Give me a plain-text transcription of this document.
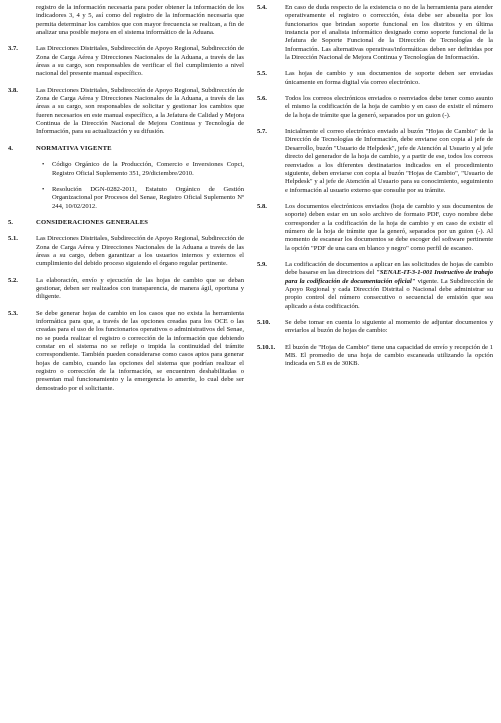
registro de la información necesaria para poder obtener la información de los indicadores 3, 4 y 5, así como del registro de la información necesaria que permita determinar los cambios que con mayor frecuencia se realizan, a fin de analizar una posible mejora en el sistema informático de la Aduana.
3.7.	Las Direcciones Distritales, Subdirección de Apoyo Regional, Subdirección de Zona de Carga Aérea y Direcciones Nacionales de la Aduana, a través de las áreas a su cargo, son responsables de verificar el fiel cumplimiento a nivel nacional del presente manual específico.
3.8.	Las Direcciones Distritales, Subdirección de Apoyo Regional, Subdirección de Zona de Carga Aérea y Direcciones Nacionales de la Aduana, a través de las áreas a su cargo, son responsables de solicitar y gestionar los cambios que fueren necesarios en este manual específico, a la Jefatura de Calidad y Mejora Continua de la Dirección Nacional de Mejora Continua y Tecnología de Información, para su actualización y su difusión.
4.	NORMATIVA VIGENTE
• Código Orgánico de la Producción, Comercio e Inversiones Copci, Registro Oficial Suplemento 351, 29/diciembre/2010.
• Resolución DGN-0282-2011, Estatuto Orgánico de Gestión Organizacional por Procesos del Senae, Registro Oficial Suplemento Nº 244, 10/02/2012.
5.	CONSIDERACIONES GENERALES
5.1.	Las Direcciones Distritales, Subdirección de Apoyo Regional, Subdirección de Zona de Carga Aérea y Direcciones Nacionales de la Aduana a través de las áreas a su cargo, deben garantizar a los usuarios internos y externos el cumplimiento del debido proceso siguiendo el órgano regular pertinente.
5.2.	La elaboración, envío y ejecución de las hojas de cambio que se deban gestionar, deben ser realizados con transparencia, de manera ágil, oportuna y diligente.
5.3.	Se debe generar hojas de cambio en los casos que no exista la herramienta informática para que, a través de las opciones creadas para los OCE o las creadas para el uso de los funcionarios operativos o administrativos del Senae, no se pueda realizar el registro o corrección de la información que debiendo constar en el sistema no se refleje o impida la continuidad del trámite correspondiente. También pueden considerarse como casos aptos para generar hojas de cambio, cuando las opciones del sistema que podrían realizar el registro o corrección de la información, se encuentren deshabilitadas o presentan mal funcionamiento y la emergencia lo amerite, lo cual debe ser demostrado por el solicitante.
5.4.	En caso de duda respecto de la existencia o no de la herramienta para atender operativamente el registro o corrección, ésta debe ser absuelta por los funcionarios que brindan soporte funcional en los distritos y en última instancia por el analista informático designado como soporte funcional de la Jefatura de Soporte Funcional de la Dirección de Tecnologías de la Información. Las alternativas operativas/informáticas deben ser definidas por la Dirección Nacional de Mejora Continua y Tecnologías de Información.
5.5.	Las hojas de cambio y sus documentos de soporte deben ser enviadas únicamente en forma digital vía correo electrónico.
5.6.	Todos los correos electrónicos enviados o reenviados debe tener como asunto el mismo la codificación de la hoja de cambio y en caso de existir el número de la hoja de trámite que la generó, separados por un guion (-).
5.7.	Inicialmente el correo electrónico enviado al buzón "Hojas de Cambio" de la Dirección de Tecnologías de Información, debe enviarse con copia al jefe de Desarrollo, buzón "Usuario de Helpdesk", jefe de Atención al Usuario y al jefe directo del generador de la hoja de cambio, y a partir de ese, todos los correos reenviados a los diferentes destinatarios indicados en el procedimiento siguiente, deben enviarse con copia al buzón "Hojas de Cambio", "Usuario de Helpdesk" y al jefe de Atención al Usuario para su conocimiento, seguimiento e información al usuario externo que consulte por su trámite.
5.8.	Los documentos electrónicos enviados (hoja de cambio y sus documentos de soporte) deben estar en un solo archivo de formato PDF, cuyo nombre debe corresponder a la codificación de la hoja de cambio y en caso de existir el número de la hoja de trámite que la generó, separados por un guion (-). Al momento de escanear los documentos se debe escoger del software pertinente la opción "PDF de una cara en blanco y negro" como perfil de escaneo.
5.9.	La codificación de documentos a aplicar en las solicitudes de hojas de cambio debe basarse en las directrices del "SENAE-IT-3-1-001 Instructivo de trabajo para la codificación de documentación oficial" vigente. La Subdirección de Apoyo Regional y cada Dirección Distrital o Nacional debe administrar su propio control del número consecutivo o secuencial de emisión que sea aplicado a ésta codificación.
5.10.	Se debe tomar en cuenta lo siguiente al momento de adjuntar documentos y enviarlos al buzón de hojas de cambio:
5.10.1.	El buzón de "Hojas de Cambio" tiene una capacidad de envío y recepción de 1 MB. El promedio de una hoja de cambio escaneada utilizando la opción indicada en 5.8 es de 30KB.
